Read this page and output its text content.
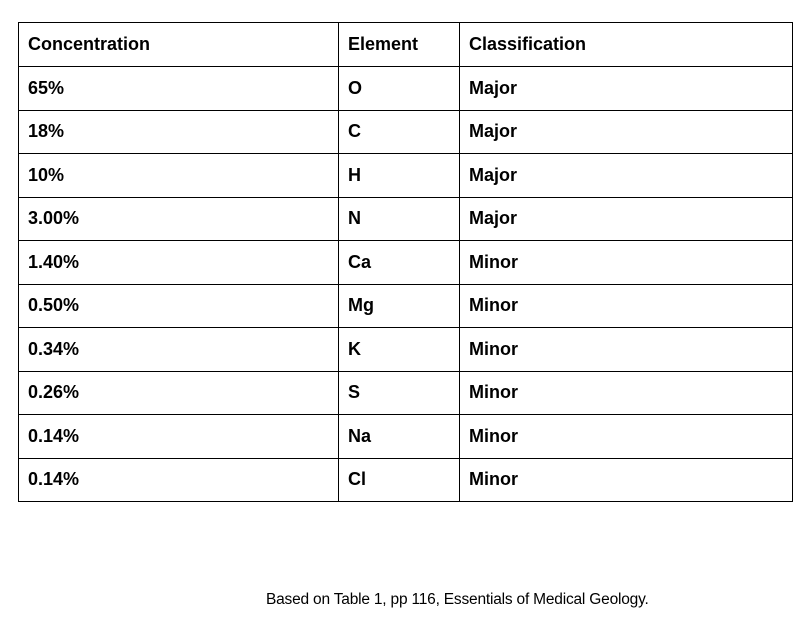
Concentration	Element	Classification
65%	O	Major
18%	C	Major
10%	H	Major
3.00%	N	Major
1.40%	Ca	Minor
0.50%	Mg	Minor
0.34%	K	Minor
0.26%	S	Minor
0.14%	Na	Minor
0.14%	Cl	Minor
Based on Table 1, pp 116, Essentials of Medical Geology.
